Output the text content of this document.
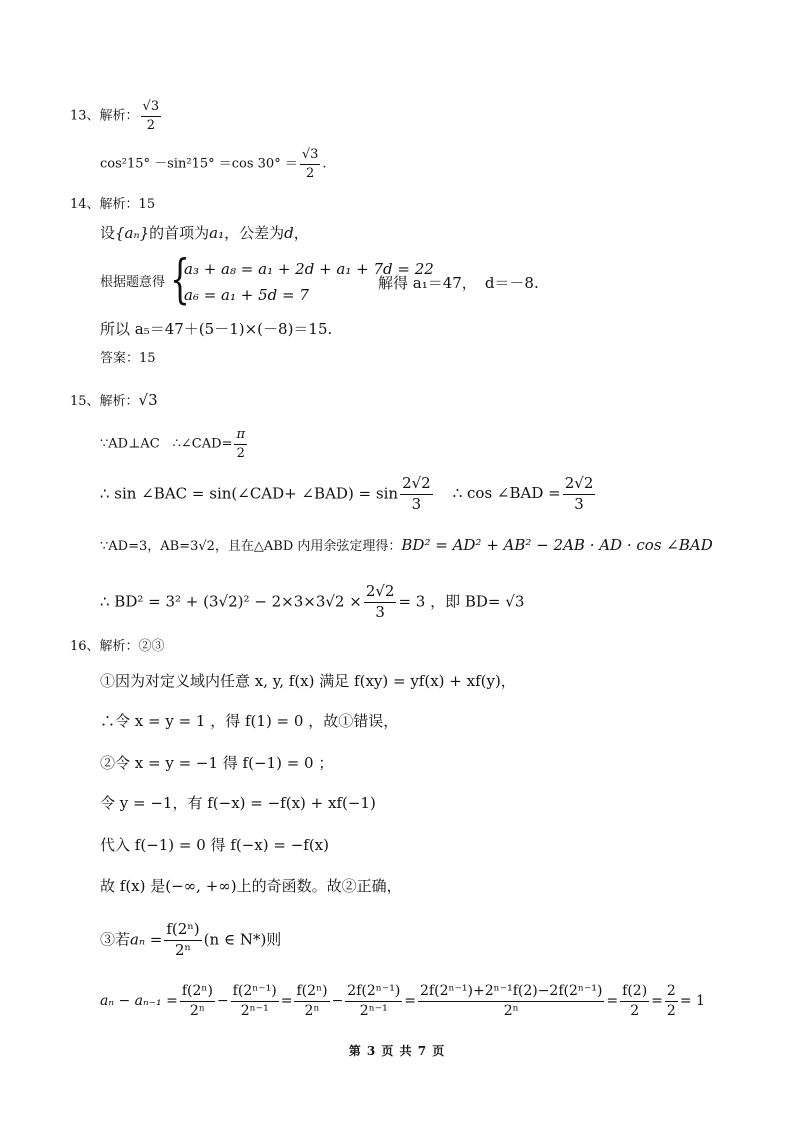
13、解析： $\frac{√3}{2}$
cos²15° －sin²15° ＝cos $30^\circ = \frac{√3}{2}$ .
14、解析：15
设{aₙ}的首项为a₁，公差为d，
根据题意得 {
a₃ + a₈ = a₁ + 2d + a₁ + 7d = 22
a₆ = a₁ + 5d = 7
解得 a₁＝47， d＝－8.
所以 a₅＝47＋(5－1)×(－8)＝15.
答案：15
15、解析：√3
∵AD⊥AC　∴∠CAD= $\frac{\pi}{2}$
∴ sin ∠BAC = sin(∠CAD+ ∠BAD) = $\sin \frac{2√2}{3}$ ∴ cos ∠BAD = $\frac{2√2}{3}$
∵AD=3，AB=3√2，且在△ABD 内用余弦定理得：BD² = AD² + AB² − 2AB · AD · cos ∠BAD
∴ $BD^2 = 3^2 + (3√2)^2 - 2\times 3\times 3√2 \times \frac{2√2}{3} = 3$ ，即 BD= √3
16、解析：②③
①因为对定义域内任意 x, y, f(x) 满足 f(xy) = yf(x) + xf(y)，
∴令 x = y = 1 ，得 f(1) = 0 ，故①错误，
②令 x = y = −1 得 f(−1) = 0 ；
令 y = −1，有 f(−x) = −f(x) + xf(−1)
代入 f(−1) = 0 得 f(−x) = −f(x)
故 f(x) 是(−∞, +∞)上的奇函数。故②正确，
③若$a_n = \frac{\text{f(2ⁿ)}}{\text{2ⁿ}} (n$ ∈ N*)则
$a_n - a_{n-1} = \frac{\text{f(2ⁿ)}}{\text{2ⁿ}} - \frac{\text{f(2ⁿ⁻¹)}}{\text{2ⁿ⁻¹}} = \frac{\text{f(2ⁿ)}}{\text{2ⁿ}} - \frac{\text{2f(2ⁿ⁻¹)}}{\text{2ⁿ⁻¹}} = \frac{\text{2f(2ⁿ⁻¹)+2ⁿ⁻¹f(2)−2f(2ⁿ⁻¹)}}{\text{2ⁿ}} = \frac{f(2)}{2} = \frac{2}{2} = 1$
第 3 页 共 7 页
